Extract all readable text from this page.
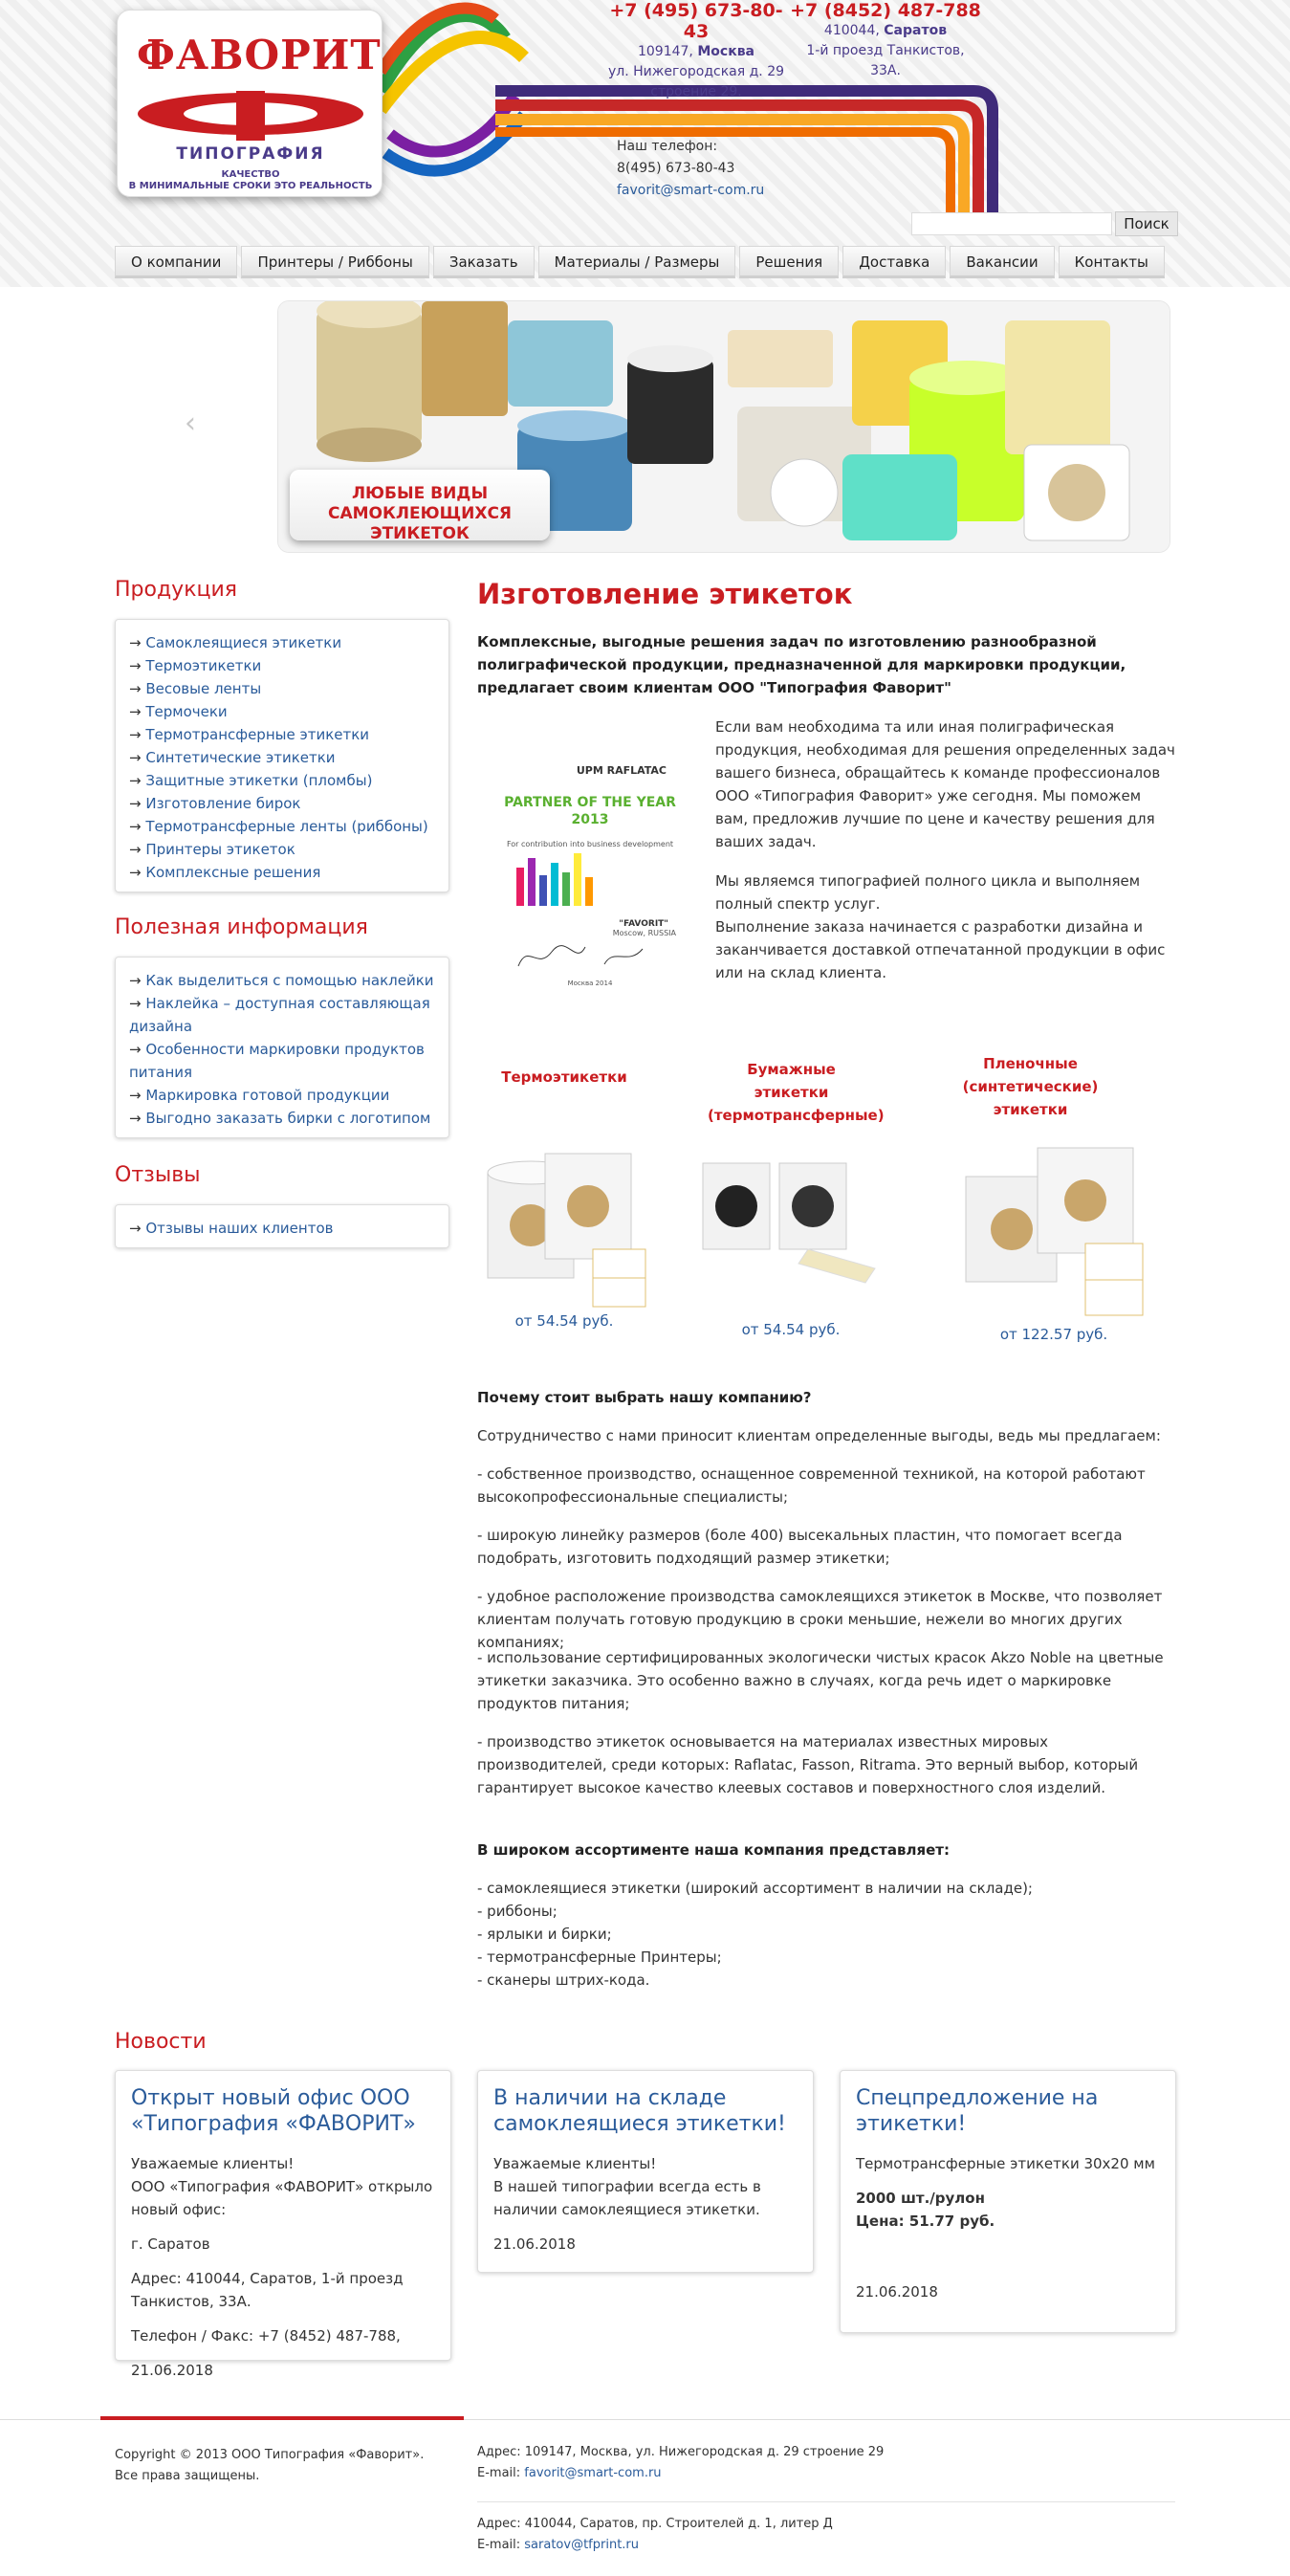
ФАВОРИТ
ТИПОГРАФИЯ
КАЧЕСТВО
В МИНИМАЛЬНЫЕ СРОКИ ЭТО РЕАЛЬНОСТЬ
+7 (495) 673-80-43
109147, Москва
ул. Нижегородская д. 29
строение 29.
+7 (8452) 487-788
410044, Саратов
1-й проезд Танкистов,
33А.
Наш телефон:
8(495) 673-80-43
favorit@smart-com.ru
Поиск
О компании	Принтеры / Риббоны	Заказать	Материалы / Размеры	Решения	Доставка	Вакансии	Контакты
‹
ЛЮБЫЕ ВИДЫ
САМОКЛЕЮЩИХСЯ ЭТИКЕТОК
Продукция
→ Самоклеящиеся этикетки
→ Термоэтикетки
→ Весовые ленты
→ Термочеки
→ Термотрансферные этикетки
→ Синтетические этикетки
→ Защитные этикетки (пломбы)
→ Изготовление бирок
→ Термотрансферные ленты (риббоны)
→ Принтеры этикеток
→ Комплексные решения
Полезная информация
→ Как выделиться с помощью наклейки
→ Наклейка – доступная составляющая дизайна
→ Особенности маркировки продуктов питания
→ Маркировка готовой продукции
→ Выгодно заказать бирки с логотипом
Отзывы
→ Отзывы наших клиентов
Изготовление этикеток
Комплексные, выгодные решения задач по изготовлению разнообразной полиграфической продукции, предназначенной для маркировки продукции, предлагает своим клиентам ООО "Типография Фаворит"
UPM RAFLATAC
PARTNER OF THE YEAR
2013
For contribution into business development
"FAVORIT"
Moscow, RUSSIA
Москва 2014

Если вам необходима та или иная полиграфическая продукция, необходимая для решения определенных задач вашего бизнеса, обращайтесь к команде профессионалов ООО «Типография Фаворит» уже сегодня. Мы поможем вам, предложив лучшие по цене и качеству решения для ваших задач.

Мы являемся типографией полного цикла и выполняем полный спектр услуг.

Выполнение заказа начинается с разработки дизайна и заканчивается доставкой отпечатанной продукции в офис или на склад клиента.

Термоэтикетки	Бумажные этикетки (термотрансферные)
Пленочные (синтетические) этикетки
от 54.54 руб.	от 54.54 руб.	от 122.57 руб.
Почему стоит выбрать нашу компанию?
Сотрудничество с нами приносит клиентам определенные выгоды, ведь мы предлагаем:
- собственное производство, оснащенное современной техникой, на которой работают высокопрофессиональные специалисты;
- широкую линейку размеров (боле 400) высекальных пластин, что помогает всегда подобрать, изготовить подходящий размер этикетки;
- удобное расположение производства самоклеящихся этикеток в Москве, что позволяет клиентам получать готовую продукцию в сроки меньшие, нежели во многих других компаниях;
- использование сертифицированных экологически чистых красок Akzo Noble на цветные этикетки заказчика. Это особенно важно в случаях, когда речь идет о маркировке продуктов питания;
- производство этикеток основывается на материалах известных мировых производителей, среди которых: Raflatac, Fasson, Ritrama. Это верный выбор, который гарантирует высокое качество клеевых составов и поверхностного слоя изделий.
В широком ассортименте наша компания представляет:
- самоклеящиеся этикетки (широкий ассортимент в наличии на складе);
- риббоны;
- ярлыки и бирки;
- термотрансферные Принтеры;
- сканеры штрих-кода.
Новости
Открыт новый офис ООО «Типография «ФАВОРИТ»

Уважаемые клиенты!

ООО «Типография «ФАВОРИТ» открыло новый офис:

г. Саратов

Адрес: 410044, Саратов, 1-й проезд Танкистов, 33А.

Телефон / Факс: +7 (8452) 487-788,

21.06.2018

В наличии на складе самоклеящиеся этикетки!

Уважаемые клиенты!

В нашей типографии всегда есть в наличии самоклеящиеся этикетки.

21.06.2018

Спецпредложение на этикетки!

Термотрансферные этикетки 30х20 мм

2000 шт./рулон

Цена: 51.77 руб.

21.06.2018

Copyright © 2013 ООО Типография «Фаворит».
Все права защищены.
Адрес: 109147, Москва, ул. Нижегородская д. 29 строение 29
E-mail: favorit@smart-com.ru
Адрес: 410044, Саратов, пр. Строителей д. 1, литер Д
E-mail: saratov@tfprint.ru
